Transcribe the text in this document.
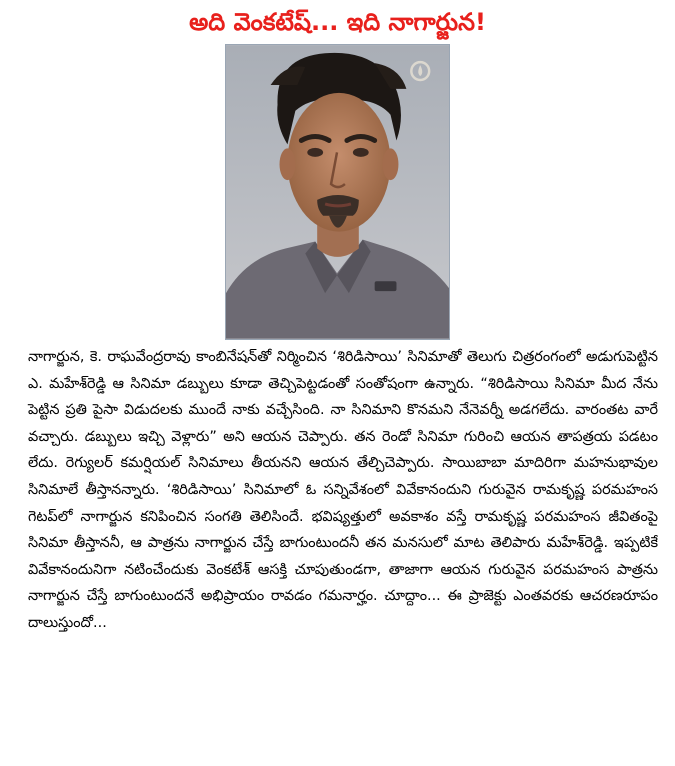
అది వెంకటేష్... ఇది నాగార్జున!

నాగార్జున, కె. రాఘవేంద్రరావు కాంబినేషన్‌తో నిర్మించిన ‘శిరిడిసాయి’ సినిమాతో తెలుగు చిత్రరంగంలో అడుగుపెట్టిన ఎ. మహేశ్‌రెడ్డి ఆ సినిమా డబ్బులు కూడా తెచ్చిపెట్టడంతో సంతోషంగా ఉన్నారు. “శిరిడిసాయి సినిమా మీద నేను పెట్టిన ప్రతి పైసా విడుదలకు ముందే నాకు వచ్చేసింది. నా సినిమాని కొనమని నేనెవర్నీ అడగలేదు. వారంతట వారే వచ్చారు. డబ్బులు ఇచ్చి వెళ్లారు” అని ఆయన చెప్పారు. తన రెండో సినిమా గురించి ఆయన తాపత్రయ పడటం లేదు. రెగ్యులర్ కమర్షియల్ సినిమాలు తీయనని ఆయన తేల్చిచెప్పారు. సాయిబాబా మాదిరిగా మహనుభావుల సినిమాలే తీస్తానన్నారు. ‘శిరిడిసాయి’ సినిమాలో ఓ సన్నివేశంలో వివేకానందుని గురువైన రామకృష్ణ పరమహంస గెటప్‌లో నాగార్జున కనిపించిన సంగతి తెలిసిందే. భవిష్యత్తులో అవకాశం వస్తే రామకృష్ణ పరమహంస జీవితంపై సినిమా తీస్తాననీ, ఆ పాత్రను నాగార్జున చేస్తే బాగుంటుందనీ తన మనసులో మాట తెలిపారు మహేశ్‌రెడ్డి. ఇప్పటికే వివేకానందునిగా నటించేందుకు వెంకటేశ్ ఆసక్తి చూపుతుండగా, తాజాగా ఆయన గురువైన పరమహంస పాత్రను నాగార్జున చేస్తే బాగుంటుందనే అభిప్రాయం రావడం గమనార్హం. చూద్దాం... ఈ ప్రాజెక్టు ఎంతవరకు ఆచరణరూపం దాలుస్తుందో...
